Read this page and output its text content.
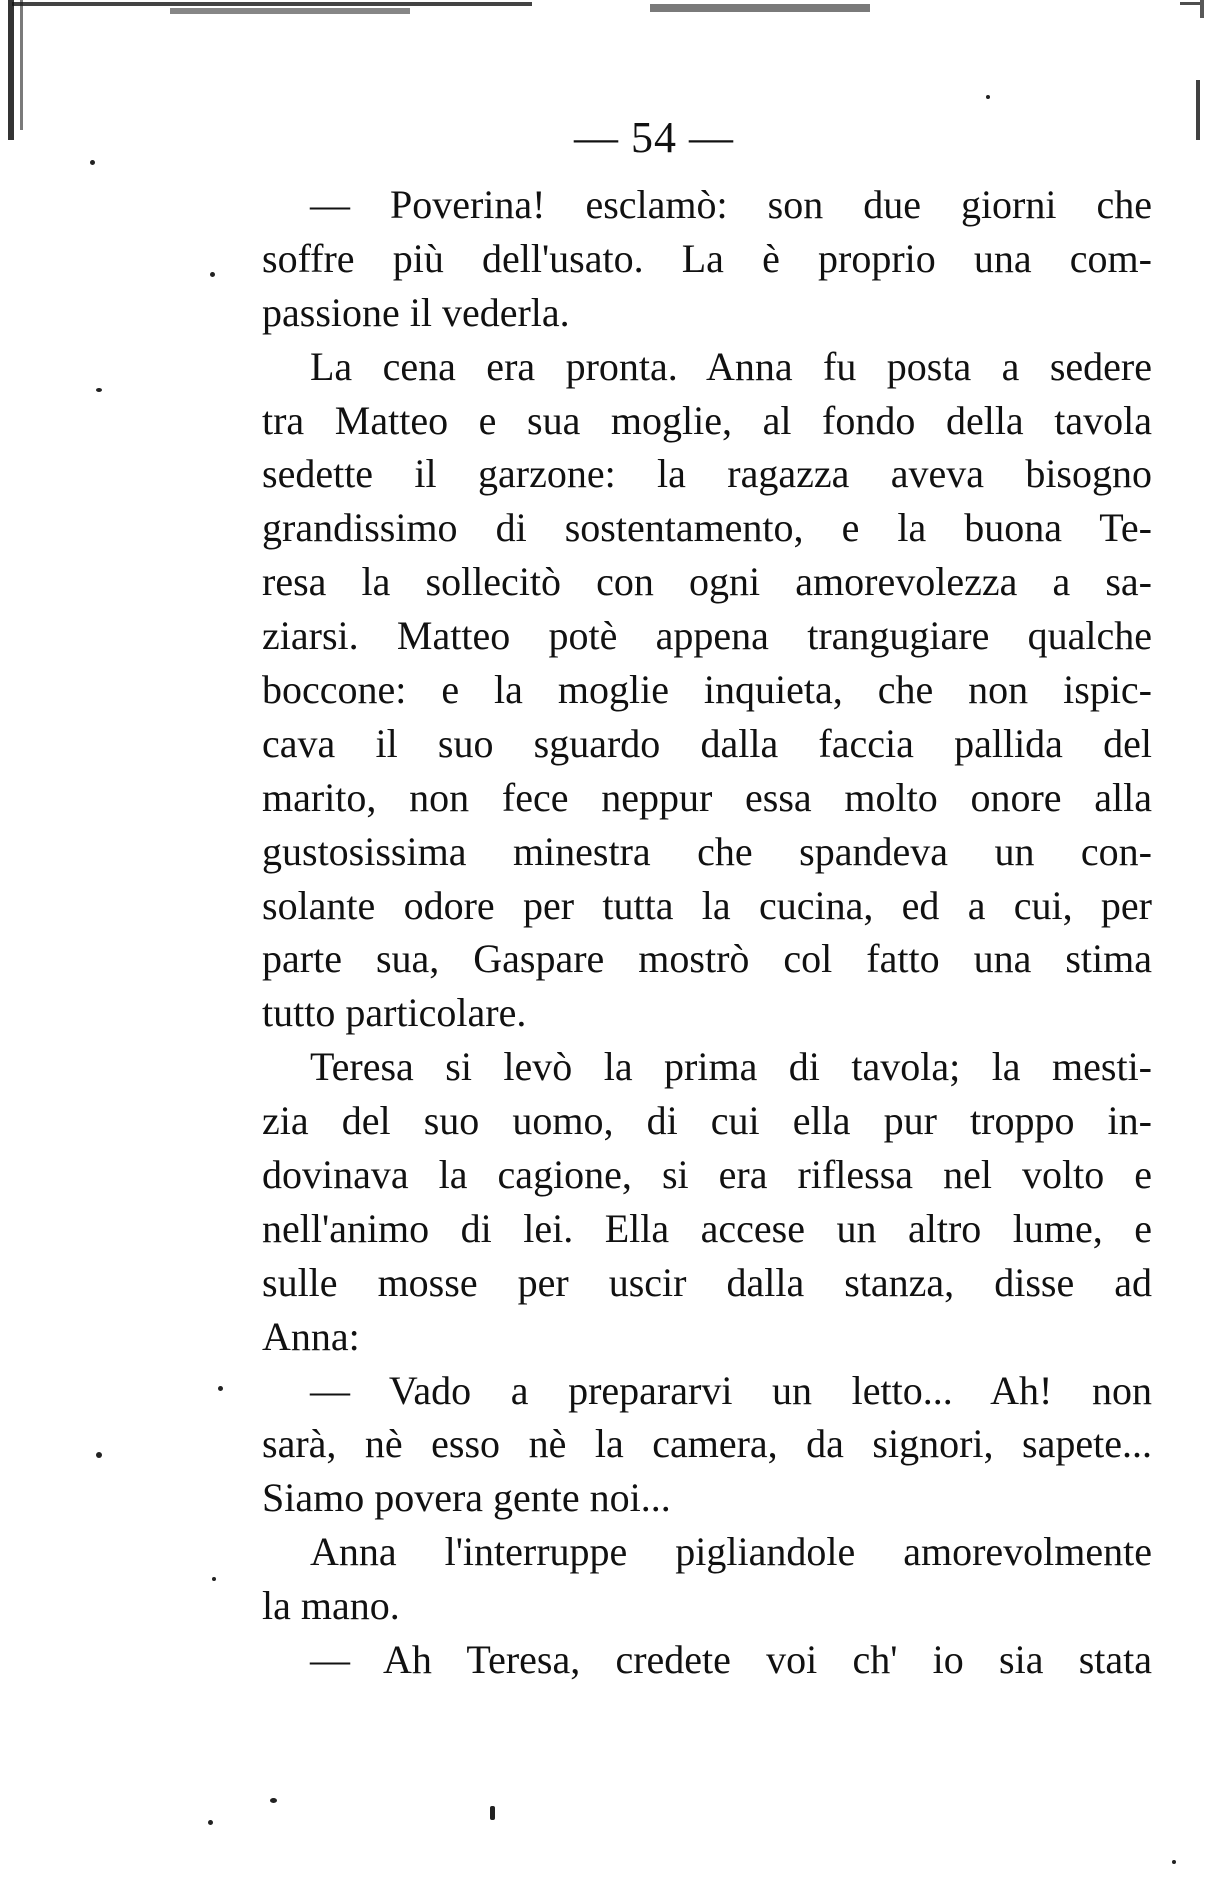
— 54 —
— Poverina! esclamò: son due giorni che
soffre più dell'usato. La è proprio una com-
passione il vederla.
La cena era pronta. Anna fu posta a sedere
tra Matteo e sua moglie, al fondo della tavola
sedette il garzone: la ragazza aveva bisogno
grandissimo di sostentamento, e la buona Te-
resa la sollecitò con ogni amorevolezza a sa-
ziarsi. Matteo potè appena trangugiare qualche
boccone: e la moglie inquieta, che non ispic-
cava il suo sguardo dalla faccia pallida del
marito, non fece neppur essa molto onore alla
gustosissima minestra che spandeva un con-
solante odore per tutta la cucina, ed a cui, per
parte sua, Gaspare mostrò col fatto una stima
tutto particolare.
Teresa si levò la prima di tavola; la mesti-
zia del suo uomo, di cui ella pur troppo in-
dovinava la cagione, si era riflessa nel volto e
nell'animo di lei. Ella accese un altro lume, e
sulle mosse per uscir dalla stanza, disse ad
Anna:
— Vado a prepararvi un letto... Ah! non
sarà, nè esso nè la camera, da signori, sapete...
Siamo povera gente noi...
Anna l'interruppe pigliandole amorevolmente
la mano.
— Ah Teresa, credete voi ch' io sia stata
